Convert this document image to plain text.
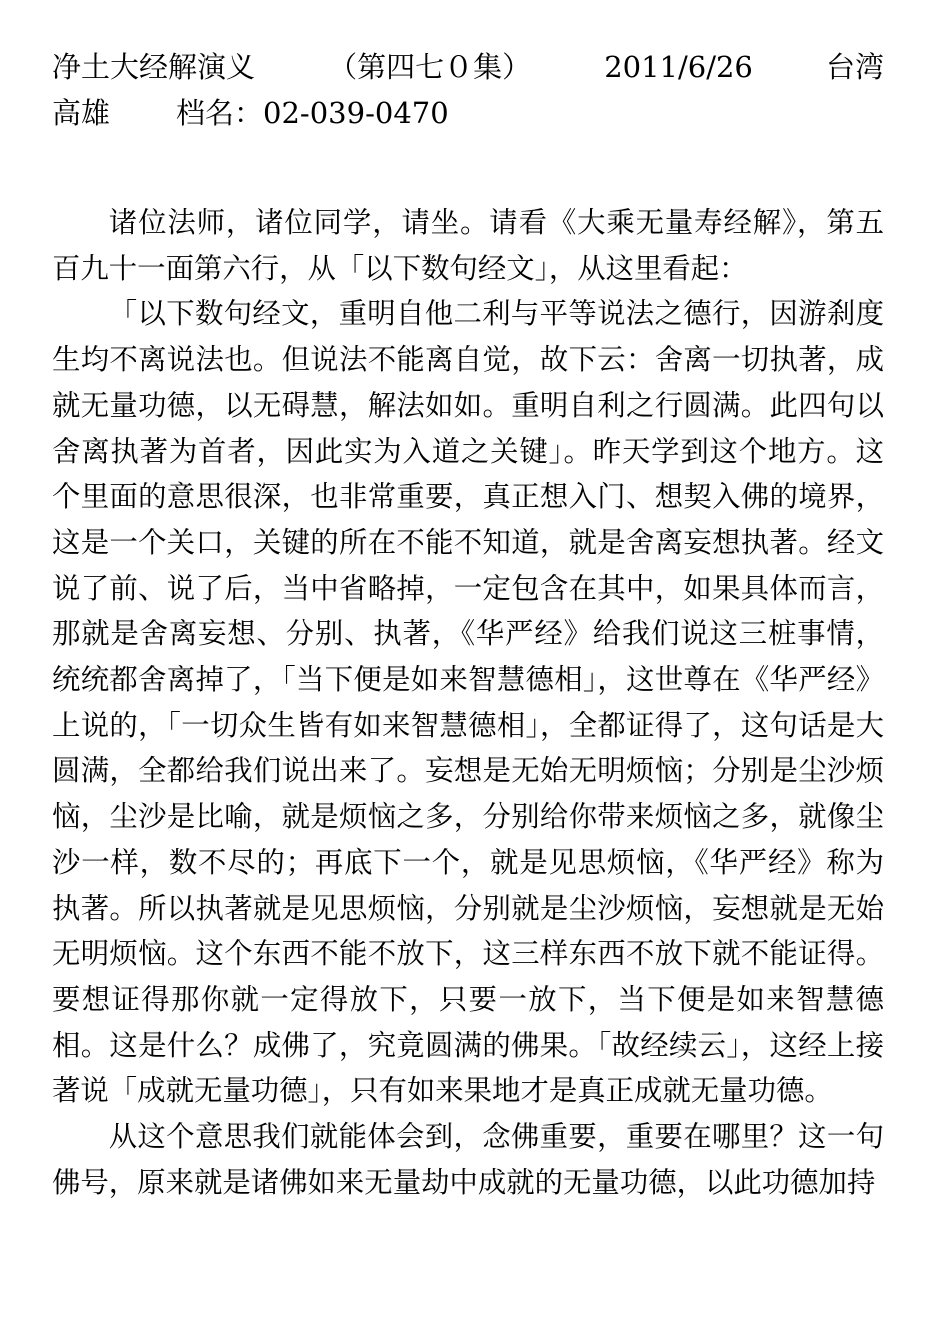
净土大经解演义	（第四七０集）	2011/6/26	台湾
高雄 档名：02-039-0470

诸位法师，诸位同学，请坐。请看《大乘无量寿经解》，第五百九十一面第六行，从「以下数句经文」，从这里看起：

「以下数句经文，重明自他二利与平等说法之德行，因游刹度生均不离说法也。但说法不能离自觉，故下云：舍离一切执著，成就无量功德，以无碍慧，解法如如。重明自利之行圆满。此四句以舍离执著为首者，因此实为入道之关键」。昨天学到这个地方。这个里面的意思很深，也非常重要，真正想入门、想契入佛的境界，这是一个关口，关键的所在不能不知道，就是舍离妄想执著。经文说了前、说了后，当中省略掉，一定包含在其中，如果具体而言，那就是舍离妄想、分别、执著，《华严经》给我们说这三桩事情，统统都舍离掉了，「当下便是如来智慧德相」，这世尊在《华严经》上说的，「一切众生皆有如来智慧德相」，全都证得了，这句话是大圆满，全都给我们说出来了。妄想是无始无明烦恼；分别是尘沙烦恼，尘沙是比喻，就是烦恼之多，分别给你带来烦恼之多，就像尘沙一样，数不尽的；再底下一个，就是见思烦恼，《华严经》称为执著。所以执著就是见思烦恼，分别就是尘沙烦恼，妄想就是无始无明烦恼。这个东西不能不放下，这三样东西不放下就不能证得。要想证得那你就一定得放下，只要一放下，当下便是如来智慧德相。这是什么？成佛了，究竟圆满的佛果。「故经续云」，这经上接著说「成就无量功德」，只有如来果地才是真正成就无量功德。

从这个意思我们就能体会到，念佛重要，重要在哪里？这一句佛号，原来就是诸佛如来无量劫中成就的无量功德，以此功德加持
